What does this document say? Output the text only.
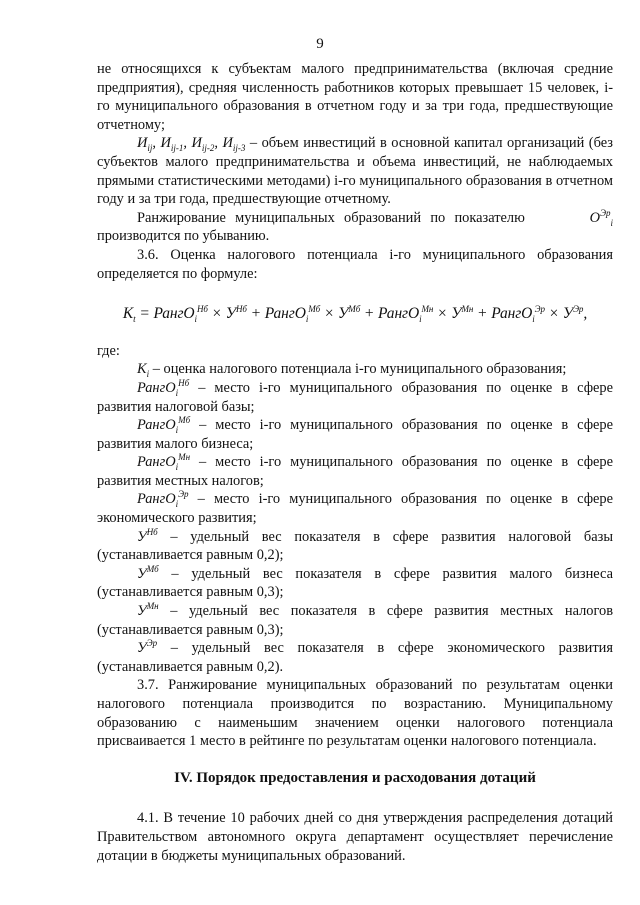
9

не относящихся к субъектам малого предпринимательства (включая средние предприятия), средняя численность работников которых превышает 15 человек, i-го муниципального образования в отчетном году и за три года, предшествующие отчетному;

$И_{ij}$, $И_{ij-1}$, $И_{ij-2}$, $И_{ij-3}$ – объем инвестиций в основной капитал организаций (без субъектов малого предпринимательства и объема инвестиций, не наблюдаемых прямыми статистическими методами) i-го муниципального образования в отчетном году и за три года, предшествующие отчетному.

Ранжирование муниципальных образований по показателю	$O^{Эр}_i$ производится по убыванию.

3.6. Оценка налогового потенциала i-го муниципального образования определяется по формуле:

$K_t$ = РангO$_i^{Нб}$ × $У^{Нб}$ + РангO$_i^{Мб}$ × $У^{Мб}$ + РангO$_i^{Мн}$ × $У^{Мн}$ + РангO$_i^{Эр}$ × $У^{Эр}$,

где:

$K_i$ – оценка налогового потенциала i-го муниципального образования;

РангO$_i^{Нб}$ – место i-го муниципального образования по оценке в сфере развития налоговой базы;

РангO$_i^{Мб}$ – место i-го муниципального образования по оценке в сфере развития малого бизнеса;

РангO$_i^{Мн}$ – место i-го муниципального образования по оценке в сфере развития местных налогов;

РангO$_i^{Эр}$ – место i-го муниципального образования по оценке в сфере экономического развития;

$У^{Нб}$ – удельный вес показателя в сфере развития налоговой базы (устанавливается равным 0,2);

$У^{Мб}$ – удельный вес показателя в сфере развития малого бизнеса (устанавливается равным 0,3);

$У^{Мн}$ – удельный вес показателя в сфере развития местных налогов (устанавливается равным 0,3);

$У^{Эр}$ – удельный вес показателя в сфере экономического развития (устанавливается равным 0,2).

3.7. Ранжирование муниципальных образований по результатам оценки налогового потенциала производится по возрастанию. Муниципальному образованию с наименьшим значением оценки налогового потенциала присваивается 1 место в рейтинге по результатам оценки налогового потенциала.

IV. Порядок предоставления и расходования дотаций

4.1. В течение 10 рабочих дней со дня утверждения распределения дотаций Правительством автономного округа департамент осуществляет перечисление дотации в бюджеты муниципальных образований.
